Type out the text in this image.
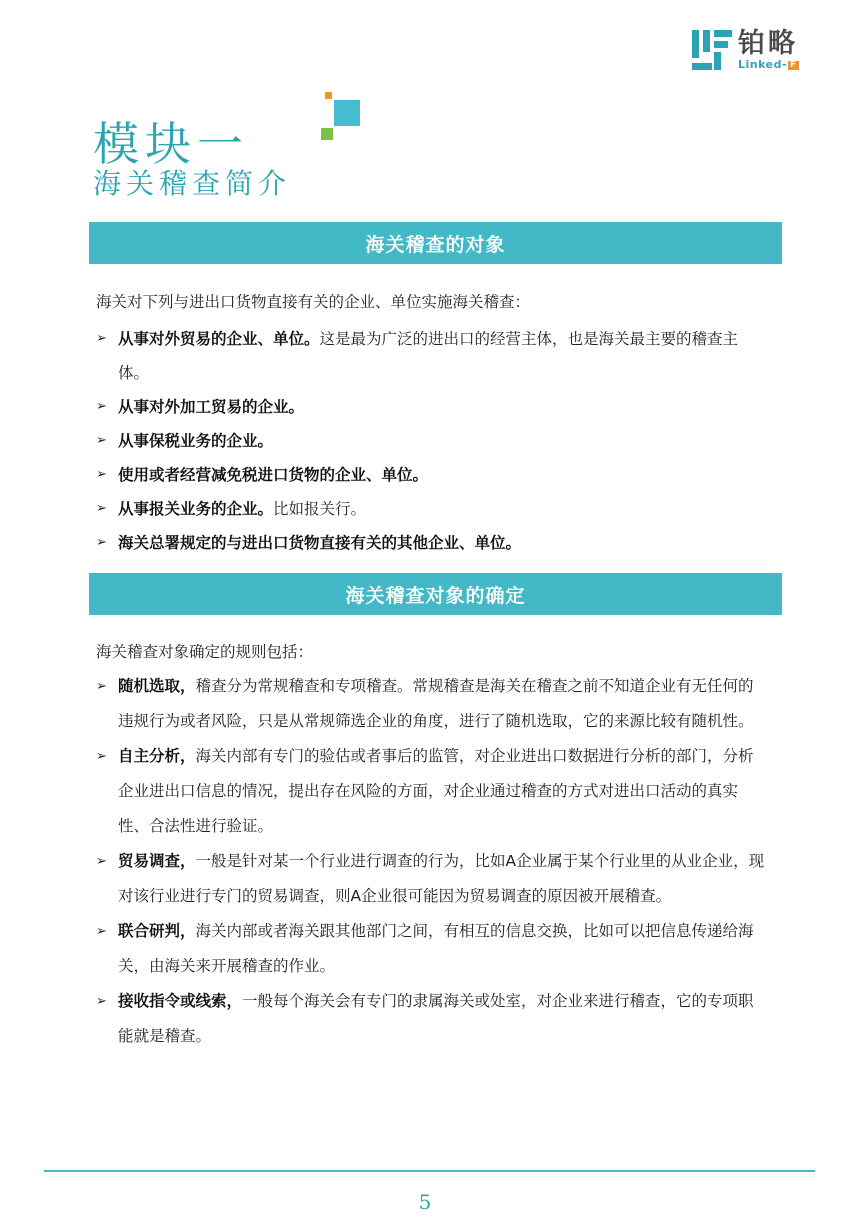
铂略
Linked- F
模块一
海关稽查简介
海关稽查的对象
海关对下列与进出口货物直接有关的企业、单位实施海关稽查：
➢ 从事对外贸易的企业、单位。这是最为广泛的进出口的经营主体，也是海关最主要的稽查主体。
➢ 从事对外加工贸易的企业。
➢ 从事保税业务的企业。
➢ 使用或者经营减免税进口货物的企业、单位。
➢ 从事报关业务的企业。比如报关行。
➢ 海关总署规定的与进出口货物直接有关的其他企业、单位。
海关稽查对象的确定
海关稽查对象确定的规则包括：
➢ 随机选取，稽查分为常规稽查和专项稽查。常规稽查是海关在稽查之前不知道企业有无任何的违规行为或者风险，只是从常规筛选企业的角度，进行了随机选取，它的来源比较有随机性。
➢ 自主分析，海关内部有专门的验估或者事后的监管，对企业进出口数据进行分析的部门，分析企业进出口信息的情况，提出存在风险的方面，对企业通过稽查的方式对进出口活动的真实性、合法性进行验证。
➢ 贸易调查，一般是针对某一个行业进行调查的行为，比如A企业属于某个行业里的从业企业，现对该行业进行专门的贸易调查，则A企业很可能因为贸易调查的原因被开展稽查。
➢ 联合研判，海关内部或者海关跟其他部门之间，有相互的信息交换，比如可以把信息传递给海关，由海关来开展稽查的作业。
➢ 接收指令或线索，一般每个海关会有专门的隶属海关或处室，对企业来进行稽查，它的专项职能就是稽查。
5
